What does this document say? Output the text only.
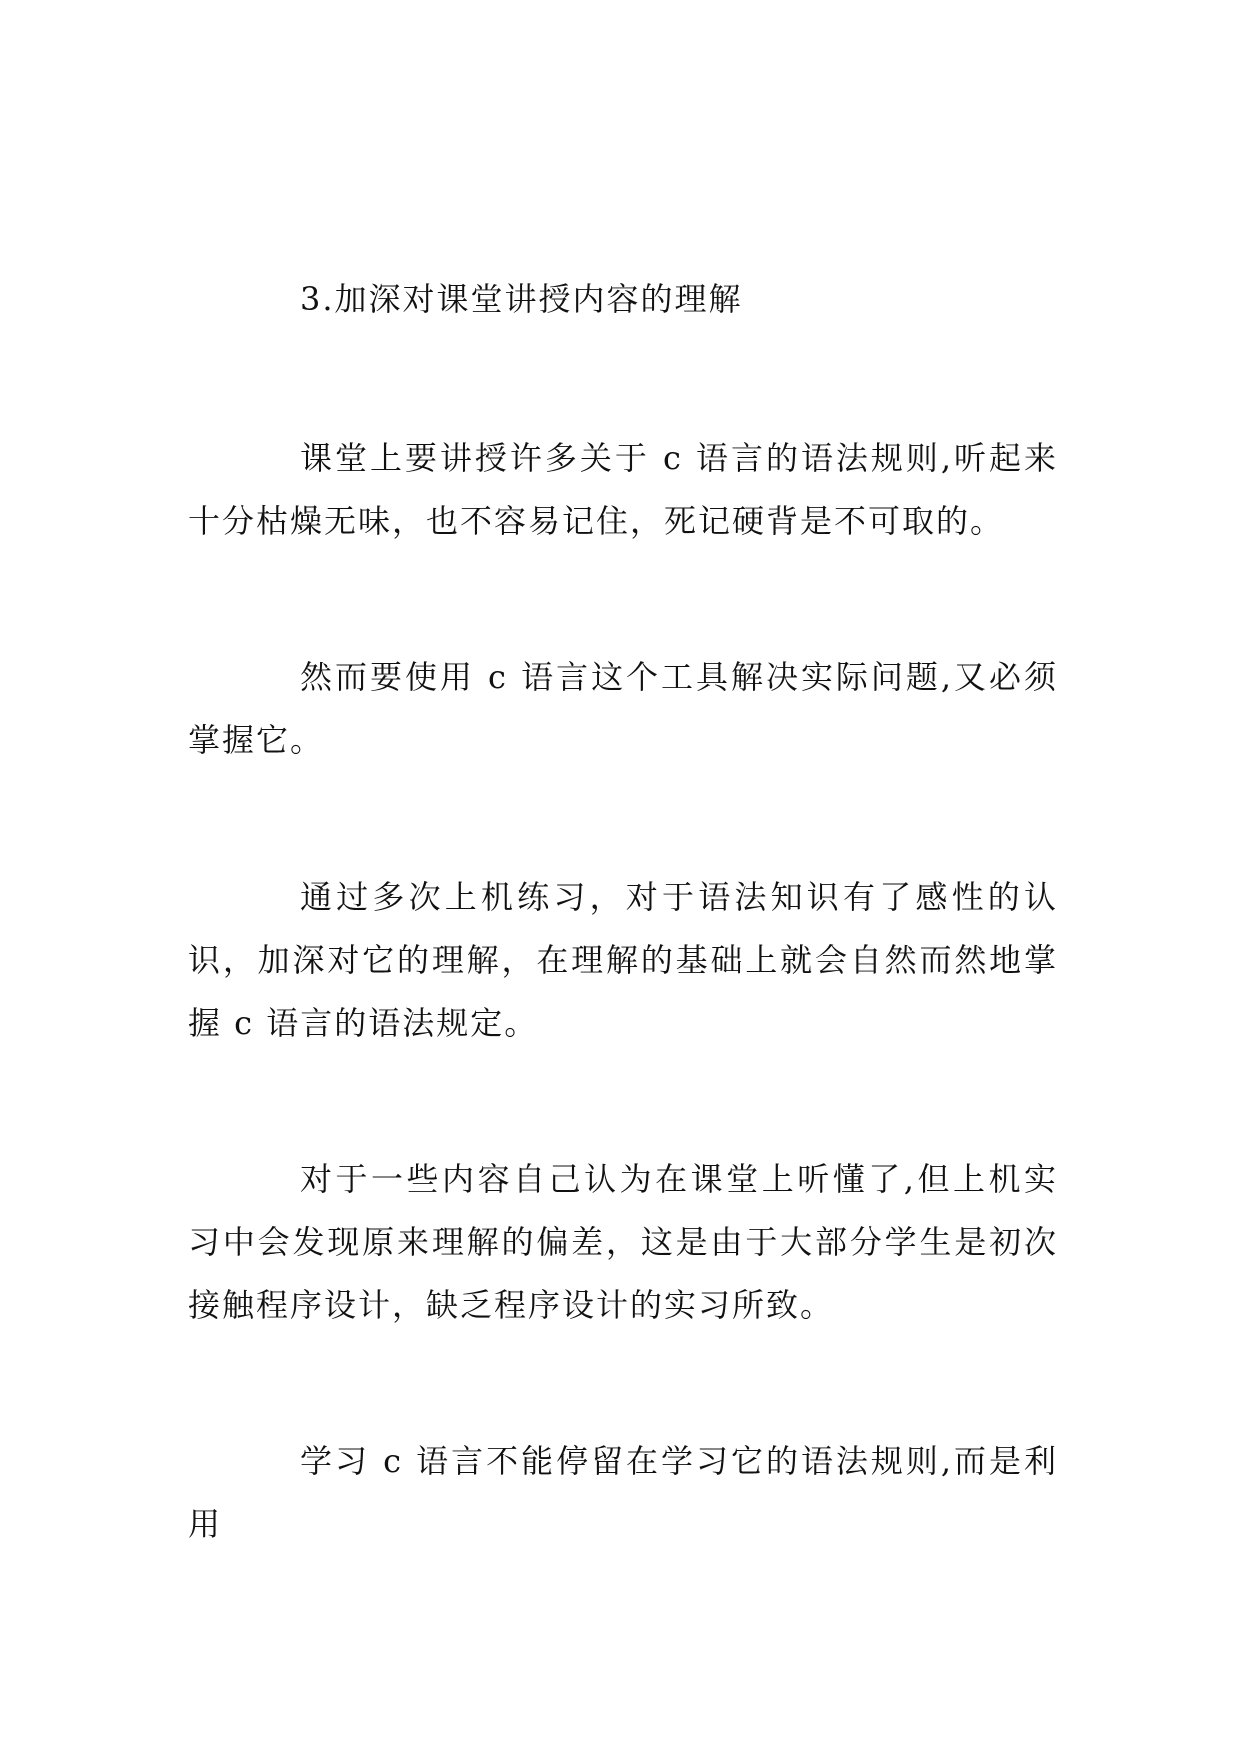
3.加深对课堂讲授内容的理解

课堂上要讲授许多关于 c 语言的语法规则,听起来十分枯燥无味，也不容易记住，死记硬背是不可取的。

然而要使用 c 语言这个工具解决实际问题,又必须掌握它。

通过多次上机练习，对于语法知识有了感性的认识，加深对它的理解，在理解的基础上就会自然而然地掌握 c 语言的语法规定。

对于一些内容自己认为在课堂上听懂了,但上机实习中会发现原来理解的偏差，这是由于大部分学生是初次接触程序设计，缺乏程序设计的实习所致。

学习 c 语言不能停留在学习它的语法规则,而是利用
